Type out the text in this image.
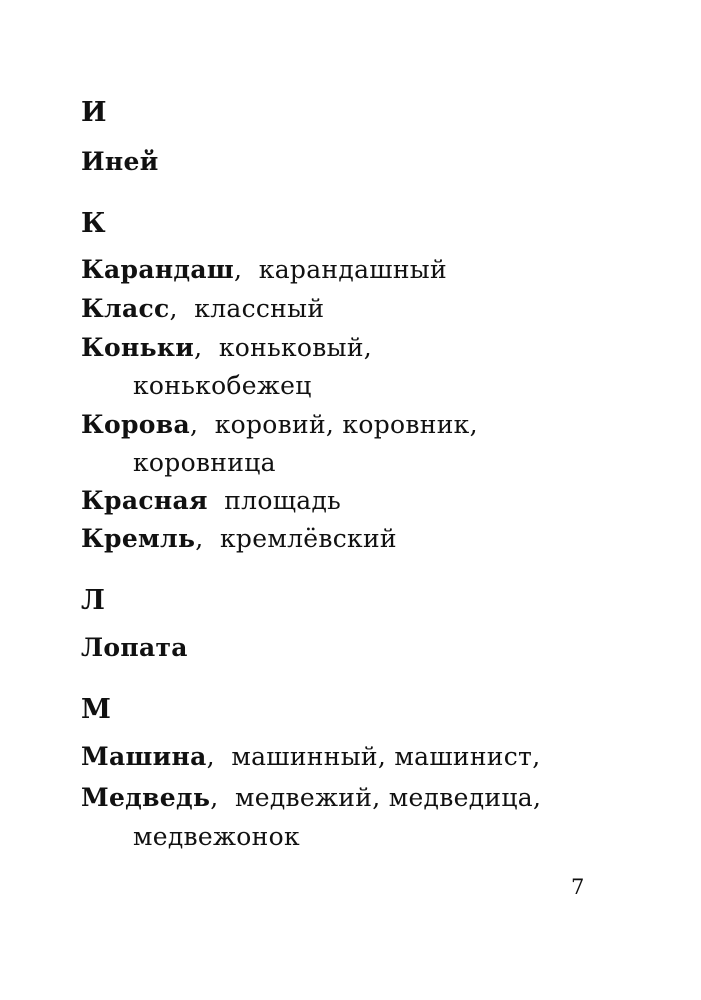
И
Иней
К
Карандаш, карандашный
Класс, классный
Коньки, коньковый,
конькобежец
Корова, коровий, коровник,
коровница
Красная площадь
Кремль, кремлёвский
Л
Лопата
М
Машина, машинный, машинист,
Медведь, медвежий, медведица,
медвежонок
7
